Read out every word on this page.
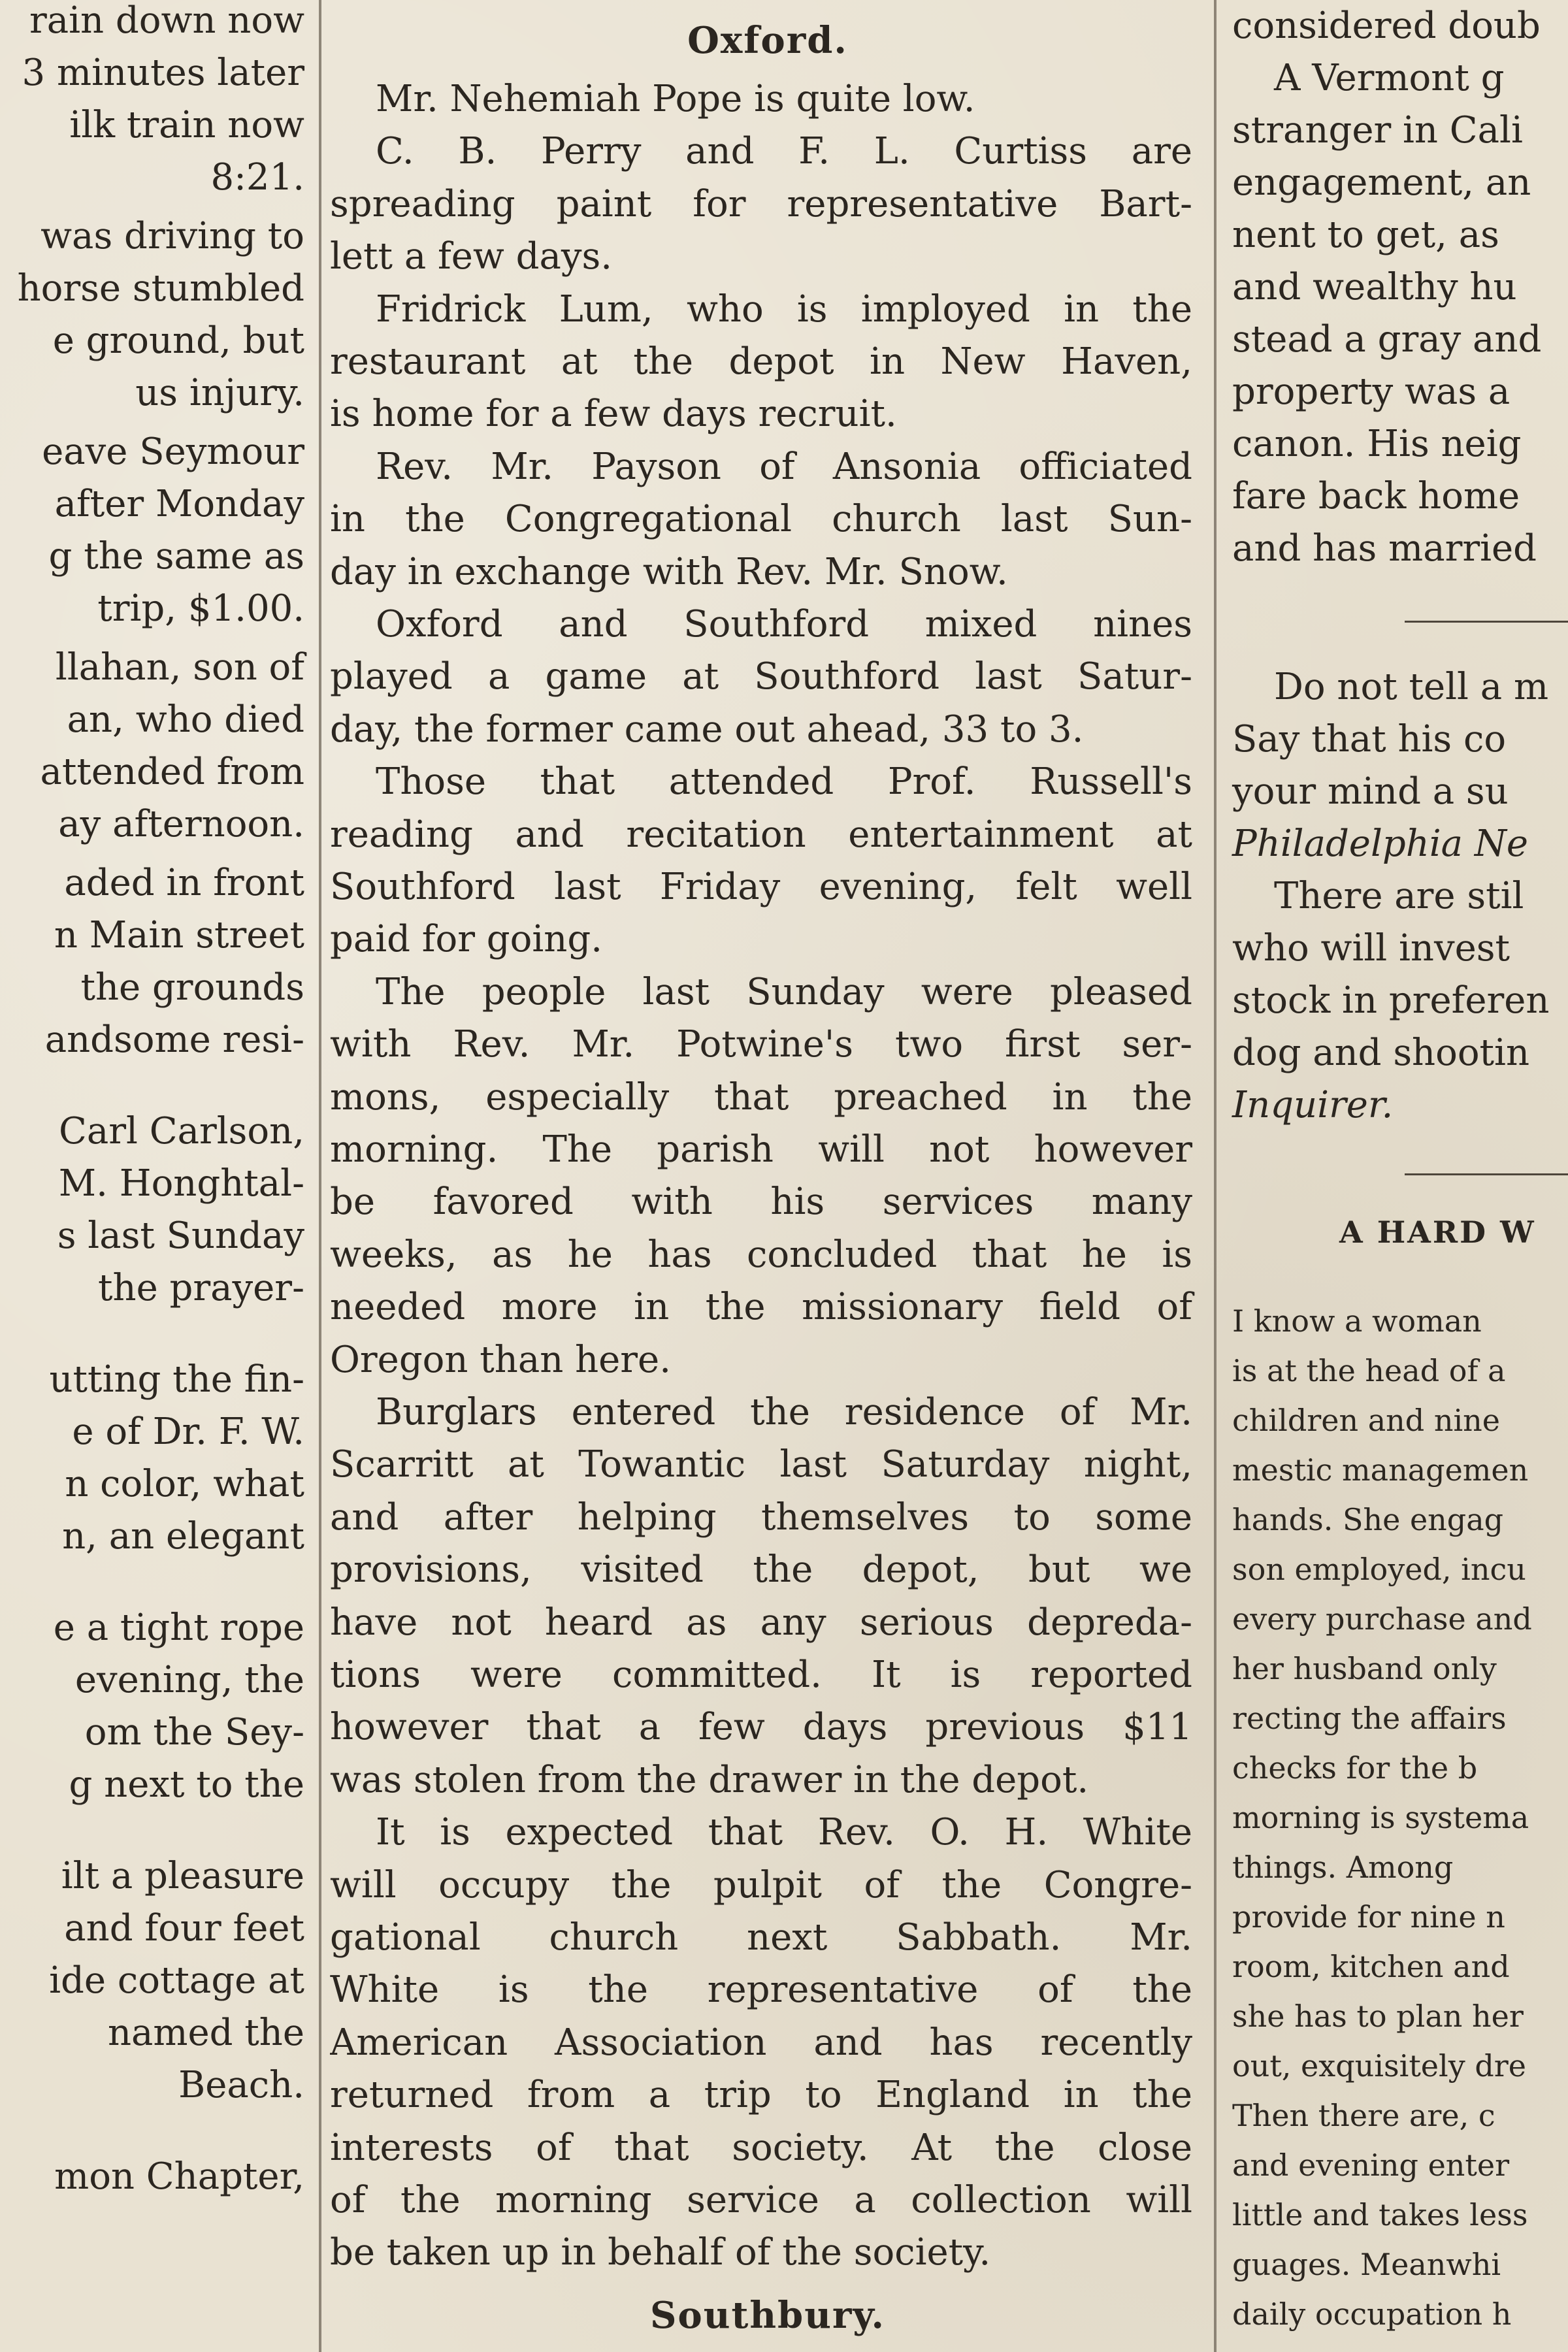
rain down now
3 minutes later
ilk train now
8:21.
was driving to
horse stumbled
e ground, but
us injury.
eave Seymour
after Monday
g the same as
trip, $1.00.
llahan, son of
an, who died
attended from
ay afternoon.
aded in front
n Main street
the grounds
andsome resi-
Carl Carlson,
M. Honghtal-
s last Sunday
the prayer-
utting the fin-
e of Dr. F. W.
n color, what
n, an elegant
e a tight rope
evening, the
om the Sey-
g next to the
ilt a pleasure
and four feet
ide cottage at
named the
Beach.
mon Chapter,
Oxford.
Mr. Nehemiah Pope is quite low.
C. B. Perry and F. L. Curtiss are
spreading paint for representative Bart-
lett a few days.
Fridrick Lum, who is imployed in the
restaurant at the depot in New Haven,
is home for a few days recruit.
Rev. Mr. Payson of Ansonia officiated
in the Congregational church last Sun-
day in exchange with Rev. Mr. Snow.
Oxford and Southford mixed nines
played a game at Southford last Satur-
day, the former came out ahead, 33 to 3.
Those that attended Prof. Russell's
reading and recitation entertainment at
Southford last Friday evening, felt well
paid for going.
The people last Sunday were pleased
with Rev. Mr. Potwine's two first ser-
mons, especially that preached in the
morning. The parish will not however
be favored with his services many
weeks, as he has concluded that he is
needed more in the missionary field of
Oregon than here.
Burglars entered the residence of Mr.
Scarritt at Towantic last Saturday night,
and after helping themselves to some
provisions, visited the depot, but we
have not heard as any serious depreda-
tions were committed. It is reported
however that a few days previous $11
was stolen from the drawer in the depot.
It is expected that Rev. O. H. White
will occupy the pulpit of the Congre-
gational church next Sabbath. Mr.
White is the representative of the
American Association and has recently
returned from a trip to England in the
interests of that society. At the close
of the morning service a collection will
be taken up in behalf of the society.
Southbury.
A HARD W
considered doub
A Vermont g
stranger in Cali
engagement, an
nent to get, as
and wealthy hu
stead a gray and
property was a
canon. His neig
fare back home
and has married
Do not tell a m
Say that his co
your mind a su
Philadelphia Ne
There are stil
who will invest
stock in preferen
dog and shootin
Inquirer.
I know a woman
is at the head of a
children and nine
mestic managemen
hands. She engag
son employed, incu
every purchase and
her husband only
recting the affairs
checks for the b
morning is systema
things. Among
provide for nine n
room, kitchen and
she has to plan her
out, exquisitely dre
Then there are, c
and evening enter
little and takes less
guages. Meanwhi
daily occupation h
